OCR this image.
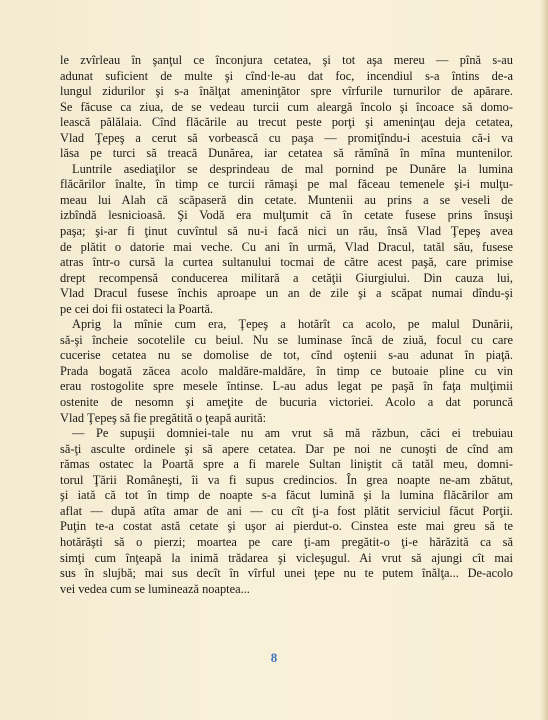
le zvîrleau în şanţul ce înconjura cetatea, şi tot aşa mereu — pînă s-au
adunat suficient de multe şi cînd·le-au dat foc, incendiul s-a întins de-a
lungul zidurilor şi s-a înălţat ameninţător spre vîrfurile turnurilor de apărare.
Se făcuse ca ziua, de se vedeau turcii cum aleargă încolo şi încoace să domo-
lească pălălaia. Cînd flăcările au trecut peste porţi şi ameninţau deja cetatea,
Vlad Ţepeş a cerut să vorbească cu paşa — promiţîndu-i acestuia că-i va
lăsa pe turci să treacă Dunărea, iar cetatea să rămînă în mîna muntenilor.

Luntrile asediaţilor se desprindeau de mal pornind pe Dunăre la lumina
flăcărilor înalte, în timp ce turcii rămaşi pe mal făceau temenele şi-i mulţu-
meau lui Alah că scăpaseră din cetate. Muntenii au prins a se veseli de
izbîndă lesnicioasă. Şi Vodă era mulţumit că în cetate fusese prins însuşi
paşa; şi-ar fi ţinut cuvîntul să nu-i facă nici un rău, însă Vlad Ţepeş avea
de plătit o datorie mai veche. Cu ani în urmă, Vlad Dracul, tatăl său, fusese
atras într-o cursă la curtea sultanului tocmai de către acest paşă, care primise
drept recompensă conducerea militară a cetăţii Giurgiului. Din cauza lui,
Vlad Dracul fusese închis aproape un an de zile şi a scăpat numai dîndu-şi
pe cei doi fii ostateci la Poartă.

Aprig la mînie cum era, Ţepeş a hotărît ca acolo, pe malul Dunării,
să-şi încheie socotelile cu beiul. Nu se luminase încă de ziuă, focul cu care
cucerise cetatea nu se domolise de tot, cînd oştenii s-au adunat în piaţă.
Prada bogată zăcea acolo maldăre-maldăre, în timp ce butoaie pline cu vin
erau rostogolite spre mesele întinse. L-au adus legat pe paşă în faţa mulţimii
ostenite de nesomn şi ameţite de bucuria victoriei. Acolo a dat poruncă
Vlad Ţepeş să fie pregătită o ţeapă aurită:

— Pe supuşii domniei-tale nu am vrut să mă răzbun, căci ei trebuiau
să-ţi asculte ordinele şi să apere cetatea. Dar pe noi ne cunoşti de cînd am
rămas ostatec la Poartă spre a fi marele Sultan liniştit că tatăl meu, domni-
torul Ţării Româneşti, îi va fi supus credincios. În grea noapte ne-am zbătut,
şi iată că tot în timp de noapte s-a făcut lumină şi la lumina flăcărilor am
aflat — după atîta amar de ani — cu cît ţi-a fost plătit serviciul făcut Porţii.
Puţin te-a costat astă cetate şi uşor ai pierdut-o. Cinstea este mai greu să te
hotărăşti să o pierzi; moartea pe care ţi-am pregătit-o ţi-e hărăzită ca să
simţi cum înţeapă la inimă trădarea şi vicleşugul. Ai vrut să ajungi cît mai
sus în slujbă; mai sus decît în vîrful unei ţepe nu te putem înălţa... De-acolo
vei vedea cum se luminează noaptea...

8
